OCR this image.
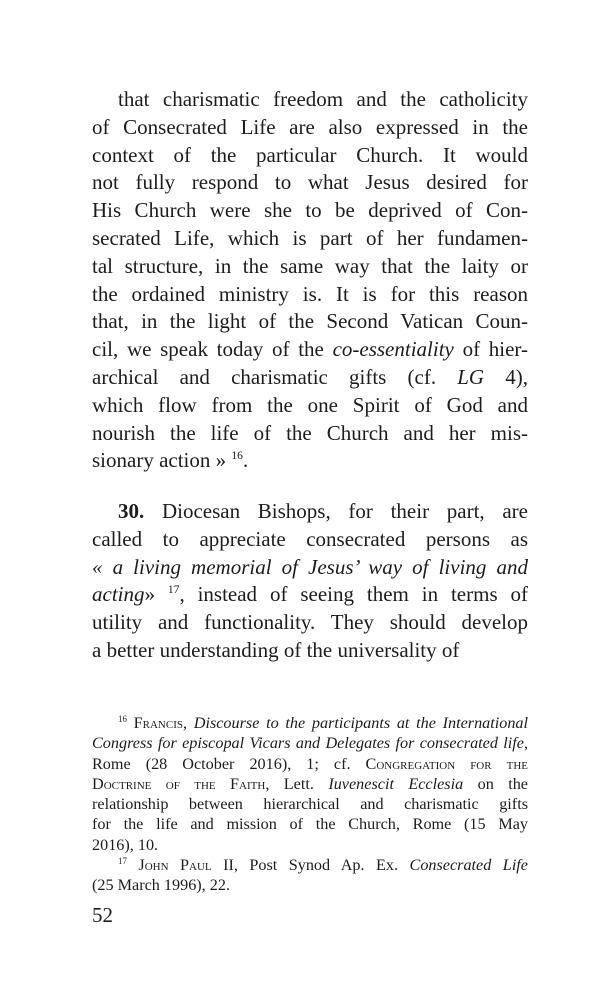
that charismatic freedom and the catholicity
of Consecrated Life are also expressed in the
context of the particular Church. It would
not fully respond to what Jesus desired for
His Church were she to be deprived of Con-
secrated Life, which is part of her fundamen-
tal structure, in the same way that the laity or
the ordained ministry is. It is for this reason
that, in the light of the Second Vatican Coun-
cil, we speak today of the co-essentiality of hier-
archical and charismatic gifts (cf. LG 4),
which flow from the one Spirit of God and
nourish the life of the Church and her mis-
sionary action » $^{16}$.
30. Diocesan Bishops, for their part, are
called to appreciate consecrated persons as
« a living memorial of Jesus’ way of living and
acting» $^{17}$, instead of seeing them in terms of
utility and functionality. They should develop
a better understanding of the universality of
$^{16}$ Francis, Discourse to the participants at the International
Congress for episcopal Vicars and Delegates for consecrated life,
Rome (28 October 2016), 1; cf. Congregation for the
Doctrine of the Faith, Lett. Iuvenescit Ecclesia on the
relationship between hierarchical and charismatic gifts
for the life and mission of the Church, Rome (15 May
2016), 10.
$^{17}$ John Paul II, Post Synod Ap. Ex. Consecrated Life
(25 March 1996), 22.
52
